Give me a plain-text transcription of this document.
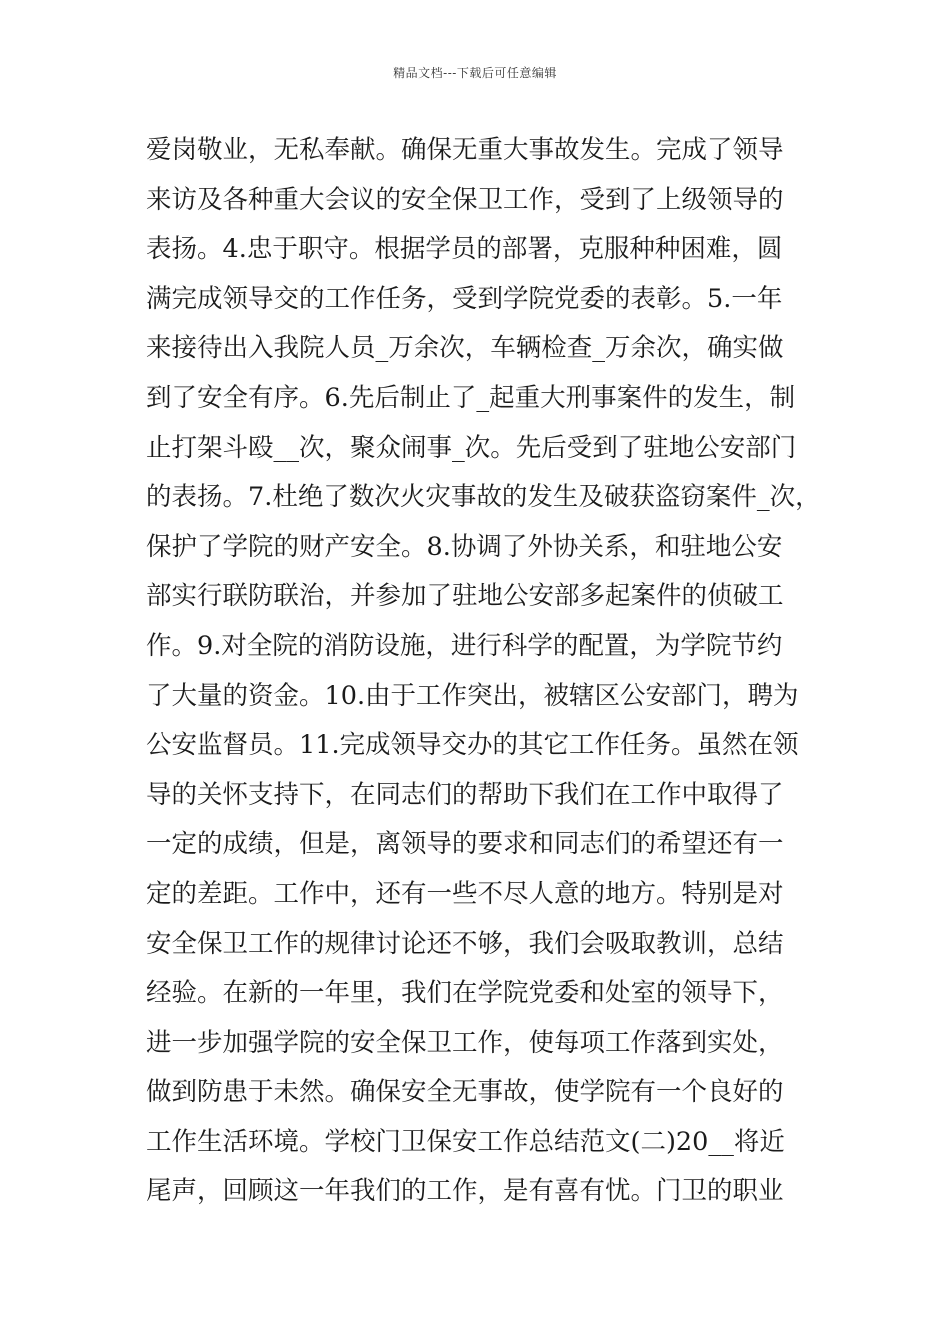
精品文档---下载后可任意编辑
爱岗敬业，无私奉献。确保无重大事故发生。完成了领导
来访及各种重大会议的安全保卫工作，受到了上级领导的
表扬。4.忠于职守。根据学员的部署，克服种种困难，圆
满完成领导交的工作任务，受到学院党委的表彰。5.一年
来接待出入我院人员_万余次，车辆检查_万余次，确实做
到了安全有序。6.先后制止了_起重大刑事案件的发生，制
止打架斗殴__次，聚众闹事_次。先后受到了驻地公安部门
的表扬。7.杜绝了数次火灾事故的发生及破获盗窃案件_次，
保护了学院的财产安全。8.协调了外协关系，和驻地公安
部实行联防联治，并参加了驻地公安部多起案件的侦破工
作。9.对全院的消防设施，进行科学的配置，为学院节约
了大量的资金。10.由于工作突出，被辖区公安部门，聘为
公安监督员。11.完成领导交办的其它工作任务。虽然在领
导的关怀支持下，在同志们的帮助下我们在工作中取得了
一定的成绩，但是，离领导的要求和同志们的希望还有一
定的差距。工作中，还有一些不尽人意的地方。特别是对
安全保卫工作的规律讨论还不够，我们会吸取教训，总结
经验。在新的一年里，我们在学院党委和处室的领导下，
进一步加强学院的安全保卫工作，使每项工作落到实处，
做到防患于未然。确保安全无事故，使学院有一个良好的
工作生活环境。学校门卫保安工作总结范文(二)20__将近
尾声，回顾这一年我们的工作，是有喜有忧。门卫的职业
